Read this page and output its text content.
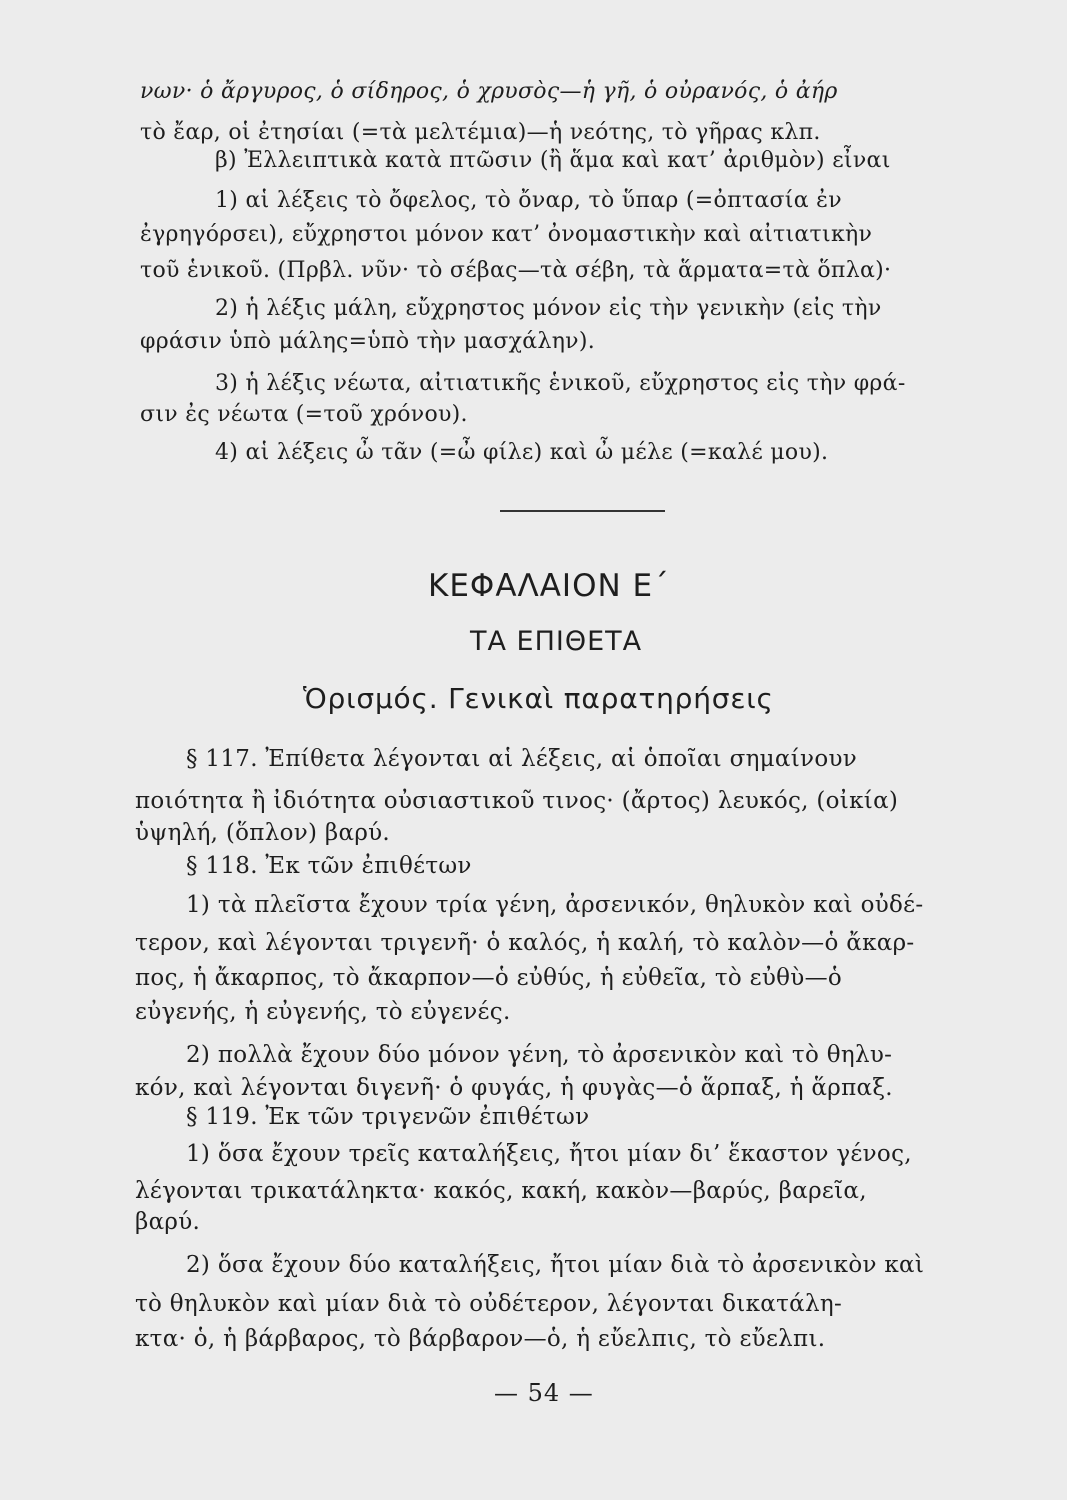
νων· ὁ ἄργυρος, ὁ σίδηρος, ὁ χρυσὸς—ἡ γῆ, ὁ οὐρανός, ὁ ἀήρ
τὸ ἔαρ, οἱ ἐτησίαι (=τὰ μελτέμια)—ἡ νεότης, τὸ γῆρας κλπ.
β) Ἐλλειπτικὰ κατὰ πτῶσιν (ἢ ἅμα καὶ κατ’ ἀριθμὸν) εἶναι
1) αἱ λέξεις τὸ ὄφελος, τὸ ὄναρ, τὸ ὕπαρ (=ὀπτασία ἐν
ἐγρηγόρσει), εὔχρηστοι μόνον κατ’ ὀνομαστικὴν καὶ αἰτιατικὴν
τοῦ ἑνικοῦ. (Πρβλ. νῦν· τὸ σέβας—τὰ σέβη, τὰ ἅρματα=τὰ ὅπλα)·
2) ἡ λέξις μάλη, εὔχρηστος μόνον εἰς τὴν γενικὴν (εἰς τὴν
φράσιν ὑπὸ μάλης=ὑπὸ τὴν μασχάλην).
3) ἡ λέξις νέωτα, αἰτιατικῆς ἑνικοῦ, εὔχρηστος εἰς τὴν φρά-
σιν ἐς νέωτα (=τοῦ χρόνου).
4) αἱ λέξεις ὦ τᾶν (=ὦ φίλε) καὶ ὦ μέλε (=καλέ μου).
ΚΕΦΑΛΑΙΟΝ Ε΄
ΤΑ ΕΠΙΘΕΤΑ
Ὁρισμός. Γενικαὶ παρατηρήσεις
§ 117. Ἐπίθετα λέγονται αἱ λέξεις, αἱ ὁποῖαι σημαίνουν
ποιότητα ἢ ἰδιότητα οὐσιαστικοῦ τινος· (ἄρτος) λευκός, (οἰκία)
ὑψηλή, (ὅπλον) βαρύ.
§ 118. Ἐκ τῶν ἐπιθέτων
1) τὰ πλεῖστα ἔχουν τρία γένη, ἀρσενικόν, θηλυκὸν καὶ οὐδέ-
τερον, καὶ λέγονται τριγενῆ· ὁ καλός, ἡ καλή, τὸ καλὸν—ὁ ἄκαρ-
πος, ἡ ἄκαρπος, τὸ ἄκαρπον—ὁ εὐθύς, ἡ εὐθεῖα, τὸ εὐθὺ—ὁ
εὐγενής, ἡ εὐγενής, τὸ εὐγενές.
2) πολλὰ ἔχουν δύο μόνον γένη, τὸ ἀρσενικὸν καὶ τὸ θηλυ-
κόν, καὶ λέγονται διγενῆ· ὁ φυγάς, ἡ φυγὰς—ὁ ἅρπαξ, ἡ ἅρπαξ.
§ 119. Ἐκ τῶν τριγενῶν ἐπιθέτων
1) ὅσα ἔχουν τρεῖς καταλήξεις, ἤτοι μίαν δι’ ἕκαστον γένος,
λέγονται τρικατάληκτα· κακός, κακή, κακὸν—βαρύς, βαρεῖα,
βαρύ.
2) ὅσα ἔχουν δύο καταλήξεις, ἤτοι μίαν διὰ τὸ ἀρσενικὸν καὶ
τὸ θηλυκὸν καὶ μίαν διὰ τὸ οὐδέτερον, λέγονται δικατάλη-
κτα· ὁ, ἡ βάρβαρος, τὸ βάρβαρον—ὁ, ἡ εὔελπις, τὸ εὔελπι.
— 54 —
